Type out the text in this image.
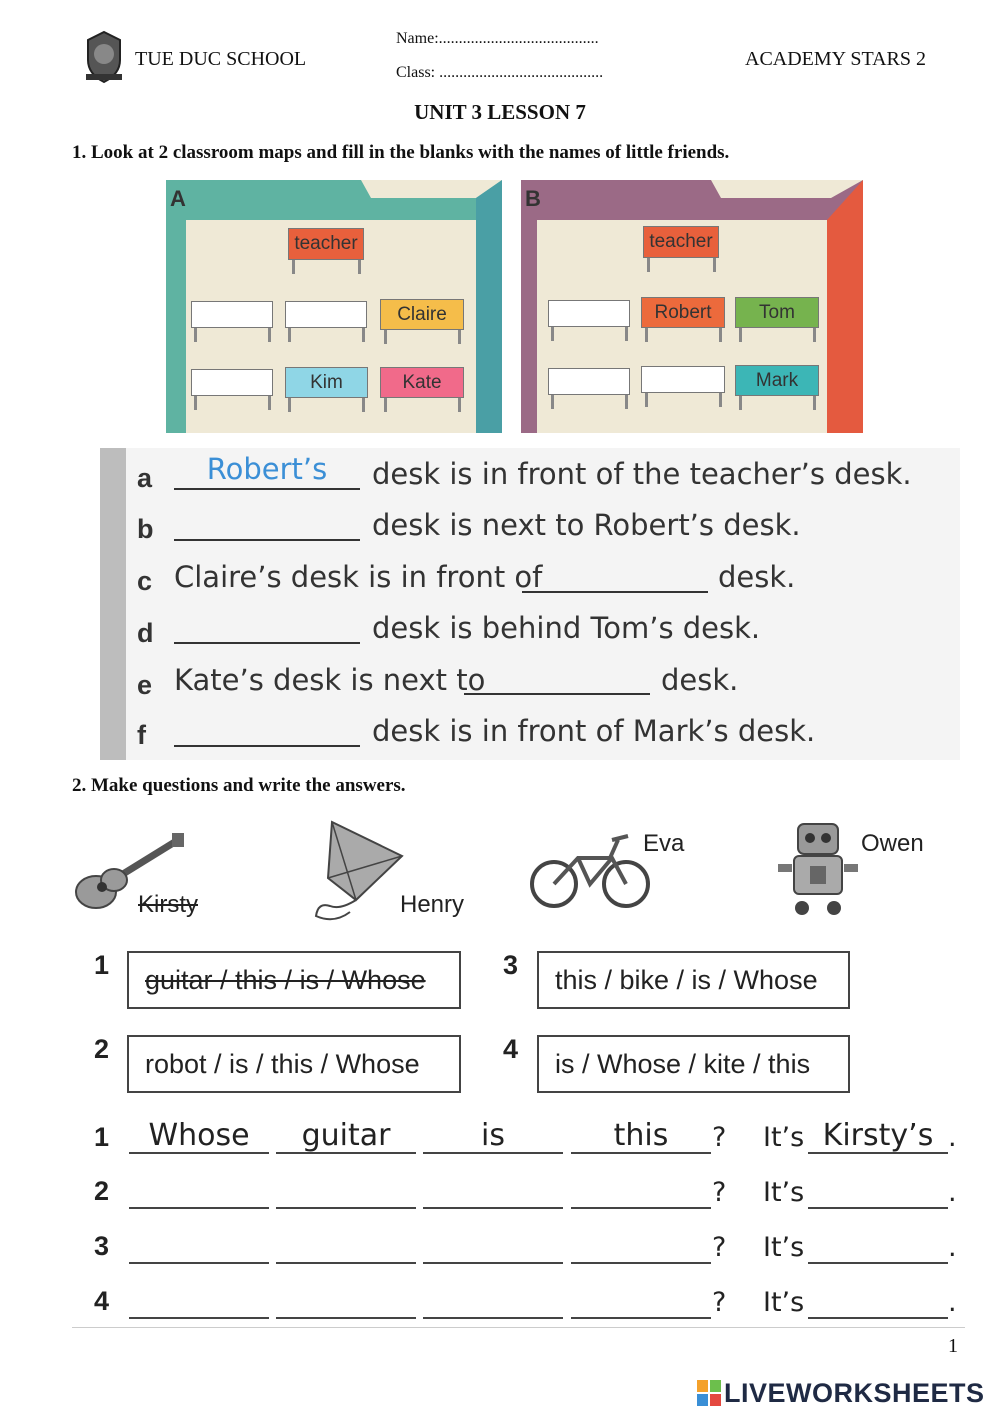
TUE DUC SCHOOL
Name:........................................
Class: .........................................
ACADEMY STARS 2
UNIT 3 LESSON 7
1. Look at 2 classroom maps and fill in the blanks with the names of little friends.
A
teacher
Claire
Kim	Kate
B
teacher
Robert	Tom
Mark
a	Robert’s	desk is in front of the teacher’s desk.
b	desk is next to Robert’s desk.
c Claire’s desk is in front of	desk.
d	desk is behind Tom’s desk.
e Kate’s desk is next to	desk.
f	desk is in front of Mark’s desk.
2. Make questions and write the answers.
Kirsty	Henry
Eva	Owen
1 guitar / this / is / Whose	3 this / bike / is / Whose
2 robot / is / this / Whose	4 is / Whose / kite / this
1	Whose	guitar	is	this	? It’s Kirsty’s .
2	? It’s	.
3	? It’s	.
4	? It’s	.
1
LIVEWORKSHEETS
